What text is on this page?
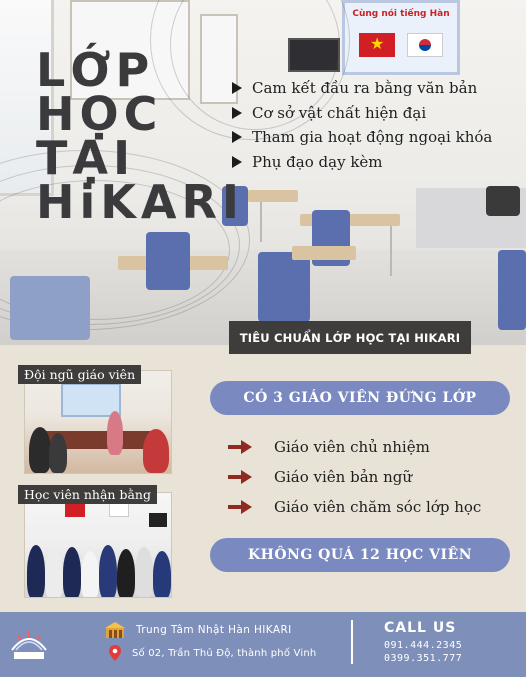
Cùng nói tiếng Hàn
★
LỚP
HỌC
TẠI
HiKARI
Cam kết đầu ra bằng văn bản
Cơ sở vật chất hiện đại
Tham gia hoạt động ngoại khóa
Phụ đạo dạy kèm
TIÊU CHUẨN LỚP HỌC TẠI HIKARI
Đội ngũ giáo viên
Học viên nhận bằng
CÓ 3 GIÁO VIÊN ĐỨNG LỚP
Giáo viên chủ nhiệm
Giáo viên bản ngữ
Giáo viên chăm sóc lớp học
KHÔNG QUÁ 12 HỌC VIÊN
Trung Tâm Nhật Hàn HIKARI
Số 02, Trần Thủ Độ, thành phố Vinh
CALL US
091.444.2345
0399.351.777
